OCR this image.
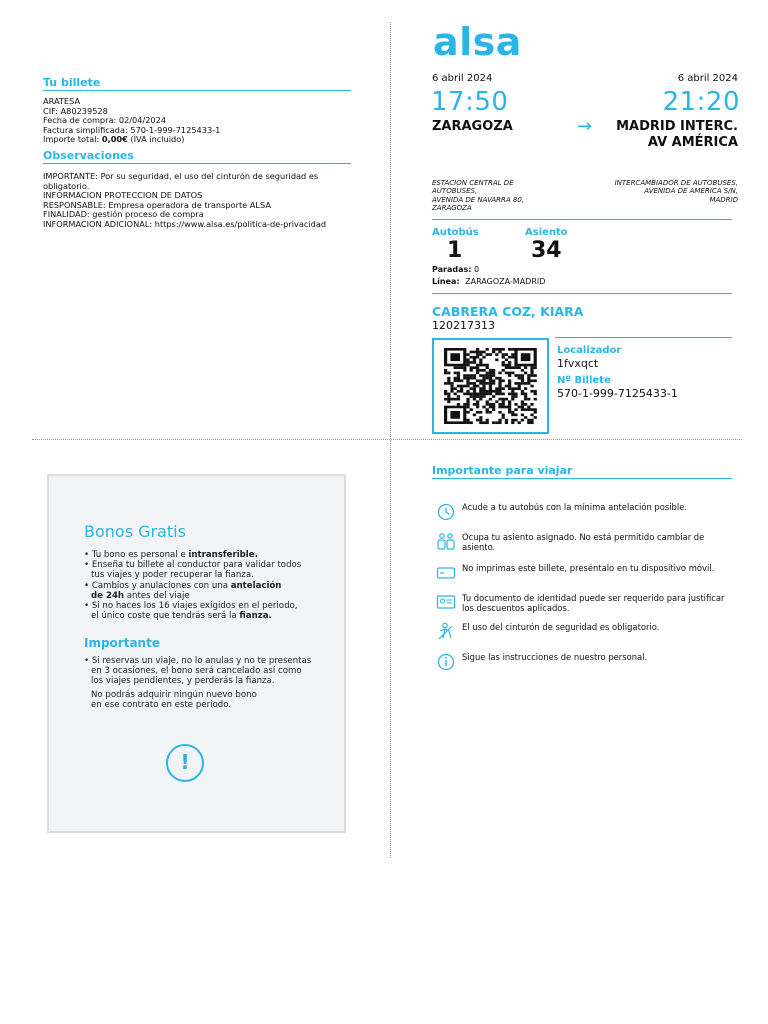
Tu billete
ARATESA
CIF: A80239528
Fecha de compra: 02/04/2024
Factura simplificada: 570-1-999-7125433-1
Importe total: 0,00€ (IVA incluido)
Observaciones
IMPORTANTE: Por su seguridad, el uso del cinturón de seguridad es
obligatorio.
INFORMACION PROTECCION DE DATOS
RESPONSABLE: Empresa operadora de transporte ALSA
FINALIDAD: gestión proceso de compra
INFORMACION ADICIONAL: https://www.alsa.es/politica-de-privacidad
alsa
6 abril 2024	6 abril 2024
17:50	21:20
ZARAGOZA	→	MADRID INTERC.
AV AMÉRICA
ESTACION CENTRAL DE
AUTOBUSES,
AVENIDA DE NAVARRA 80,
ZARAGOZA
INTERCAMBIADOR DE AUTOBUSES,
AVENIDA DE AMERICA S/N,
MADRID
Autobús	Asiento
1	34
Paradas: 0
Línea: ZARAGOZA-MADRID
CABRERA COZ, KIARA
120217313
Localizador
1fvxqct
Nº Billete
570-1-999-7125433-1
Bonos Gratis
• Tu bono es personal e intransferible.
• Enseña tu billete al conductor para validar todos
tus viajes y poder recuperar la fianza.
• Cambios y anulaciones con una antelación
de 24h antes del viaje
• Si no haces los 16 viajes exigidos en el periodo,
el único coste que tendrás será la fianza.
Importante
• Si reservas un viaje, no lo anulas y no te presentas
en 3 ocasiones, el bono será cancelado así como
los viajes pendientes, y perderás la fianza.
No podrás adquirir ningún nuevo bono
en ese contrato en este periodo.
!
Importante para viajar
Acude a tu autobús con la mínima antelación posible.
Ocupa tu asiento asignado. No está permitido cambiar de asiento.
No imprimas este billete, preséntalo en tu dispositivo móvil.
Tu documento de identidad puede ser requerido para justificar los descuentos aplicados.
El uso del cinturón de seguridad es obligatorio.
Sigue las instrucciones de nuestro personal.
